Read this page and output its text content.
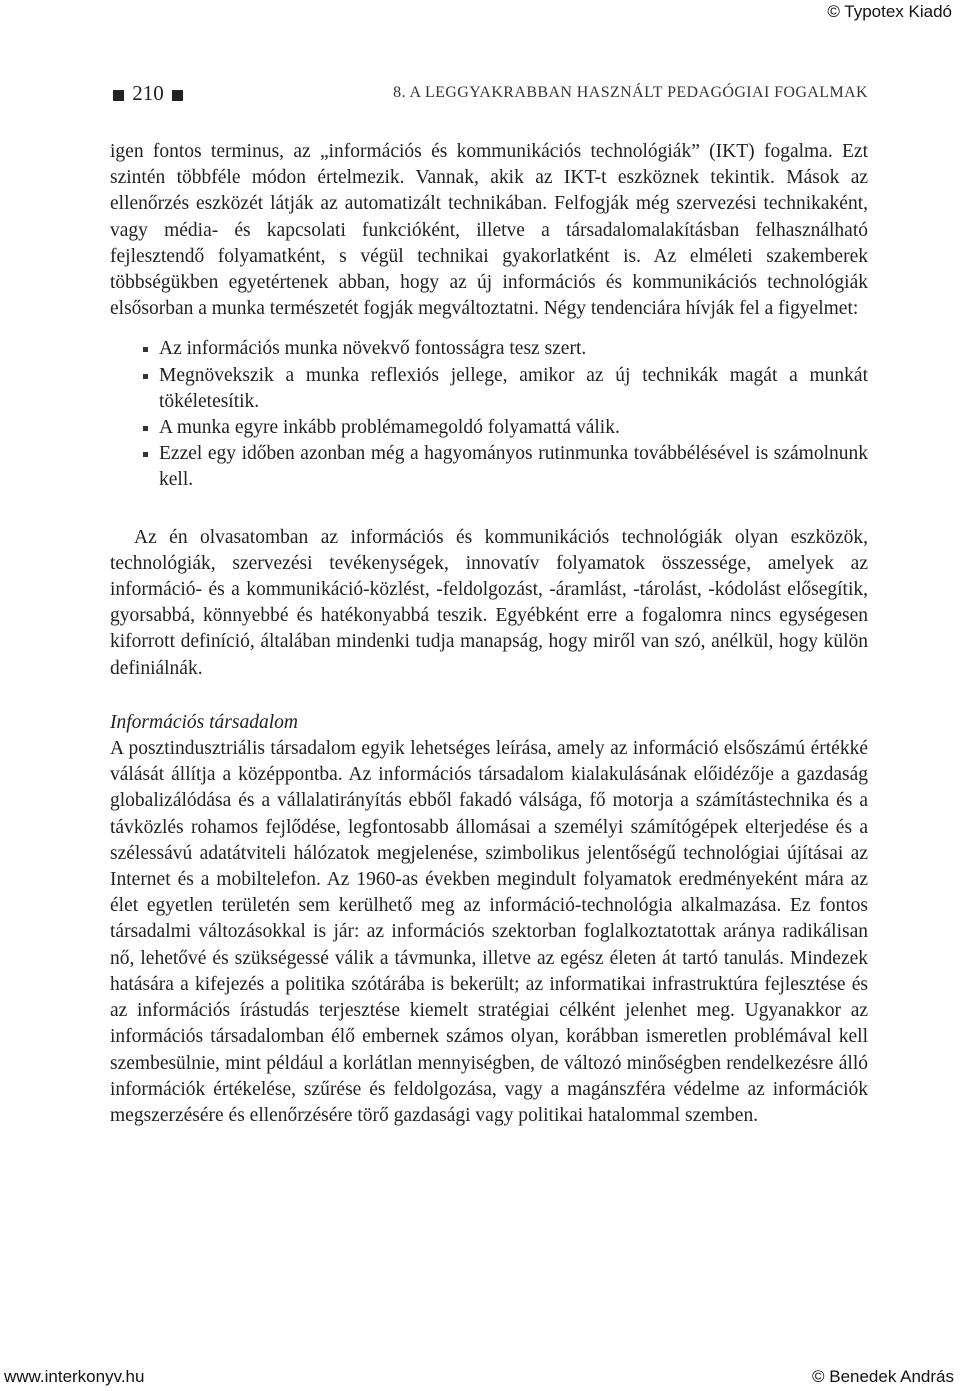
© Typotex Kiadó
210	8. A LEGGYAKRABBAN HASZNÁLT PEDAGÓGIAI FOGALMAK

igen fontos terminus, az „információs és kommunikációs technológiák” (IKT) fogalma. Ezt szintén többféle módon értelmezik. Vannak, akik az IKT-t eszköznek tekintik. Mások az ellenőrzés eszközét látják az automatizált technikában. Felfogják még szervezési technikaként, vagy média- és kapcsolati funkcióként, illetve a társadalomalakításban felhasználható fejlesztendő folyamatként, s végül technikai gyakorlatként is. Az elméleti szakemberek többségükben egyetértenek abban, hogy az új információs és kommunikációs technológiák elsősorban a munka természetét fogják megváltoztatni. Négy tendenciára hívják fel a figyelmet:

Az információs munka növekvő fontosságra tesz szert.
Megnövekszik a munka reflexiós jellege, amikor az új technikák magát a munkát tökéletesítik.
A munka egyre inkább problémamegoldó folyamattá válik.
Ezzel egy időben azonban még a hagyományos rutinmunka továbbélésével is számolnunk kell.

Az én olvasatomban az információs és kommunikációs technológiák olyan eszközök, technológiák, szervezési tevékenységek, innovatív folyamatok összessége, amelyek az információ- és a kommunikáció-közlést, -feldolgozást, -áramlást, -tárolást, -kódolást elősegítik, gyorsabbá, könnyebbé és hatékonyabbá teszik. Egyébként erre a fogalomra nincs egységesen kiforrott definíció, általában mindenki tudja manapság, hogy miről van szó, anélkül, hogy külön definiálnák.

Információs társadalom

A posztindusztriális társadalom egyik lehetséges leírása, amely az információ elsőszámú értékké válását állítja a középpontba. Az információs társadalom kialakulásának előidézője a gazdaság globalizálódása és a vállalatirányítás ebből fakadó válsága, fő motorja a számítástechnika és a távközlés rohamos fejlődése, legfontosabb állomásai a személyi számítógépek elterjedése és a szélessávú adatátviteli hálózatok megjelenése, szimbolikus jelentőségű technológiai újításai az Internet és a mobiltelefon. Az 1960-as években megindult folyamatok eredményeként mára az élet egyetlen területén sem kerülhető meg az információ-technológia alkalmazása. Ez fontos társadalmi változásokkal is jár: az információs szektorban foglalkoztatottak aránya radikálisan nő, lehetővé és szükségessé válik a távmunka, illetve az egész életen át tartó tanulás. Mindezek hatására a kifejezés a politika szótárába is bekerült; az informatikai infrastruktúra fejlesztése és az információs írástudás terjesztése kiemelt stratégiai célként jelenhet meg. Ugyanakkor az információs társadalomban élő embernek számos olyan, korábban ismeretlen problémával kell szembesülnie, mint például a korlátlan mennyiségben, de változó minőségben rendelkezésre álló információk értékelése, szűrése és feldolgozása, vagy a magánszféra védelme az információk megszerzésére és ellenőrzésére törő gazdasági vagy politikai hatalommal szemben.

www.interkonyv.hu	© Benedek András
